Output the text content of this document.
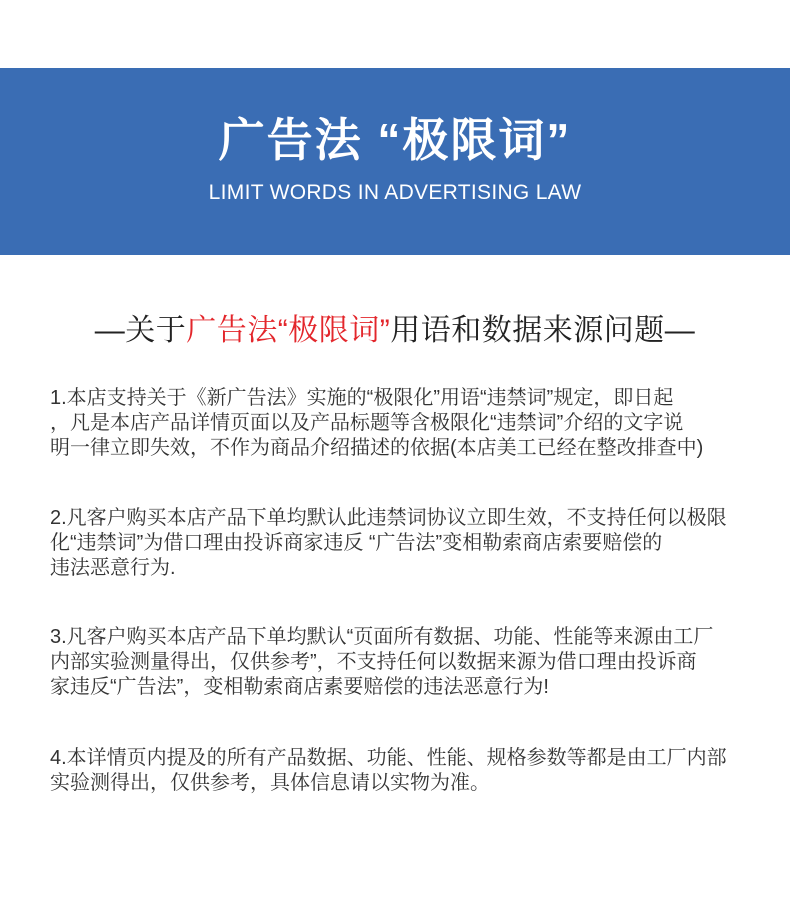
广告法 “极限词”
LIMIT WORDS IN ADVERTISING LAW
—关于广告法“极限词”用语和数据来源问题—
1.本店支持关于《新广告法》实施的“极限化”用语“违禁词”规定，即日起
，凡是本店产品详情页面以及产品标题等含极限化“违禁词”介绍的文字说
明一律立即失效，不作为商品介绍描述的依据(本店美工已经在整改排查中)
2.凡客户购买本店产品下单均默认此违禁词协议立即生效，不支持任何以极限
化“违禁词”为借口理由投诉商家违反 “广告法”变相勒索商店索要赔偿的
违法恶意行为.
3.凡客户购买本店产品下单均默认“页面所有数据、功能、性能等来源由工厂
内部实验测量得出，仅供参考”，不支持任何以数据来源为借口理由投诉商
家违反“广告法”，变相勒索商店素要赔偿的违法恶意行为!
4.本详情页内提及的所有产品数据、功能、性能、规格参数等都是由工厂内部
实验测得出，仅供参考，具体信息请以实物为准。
